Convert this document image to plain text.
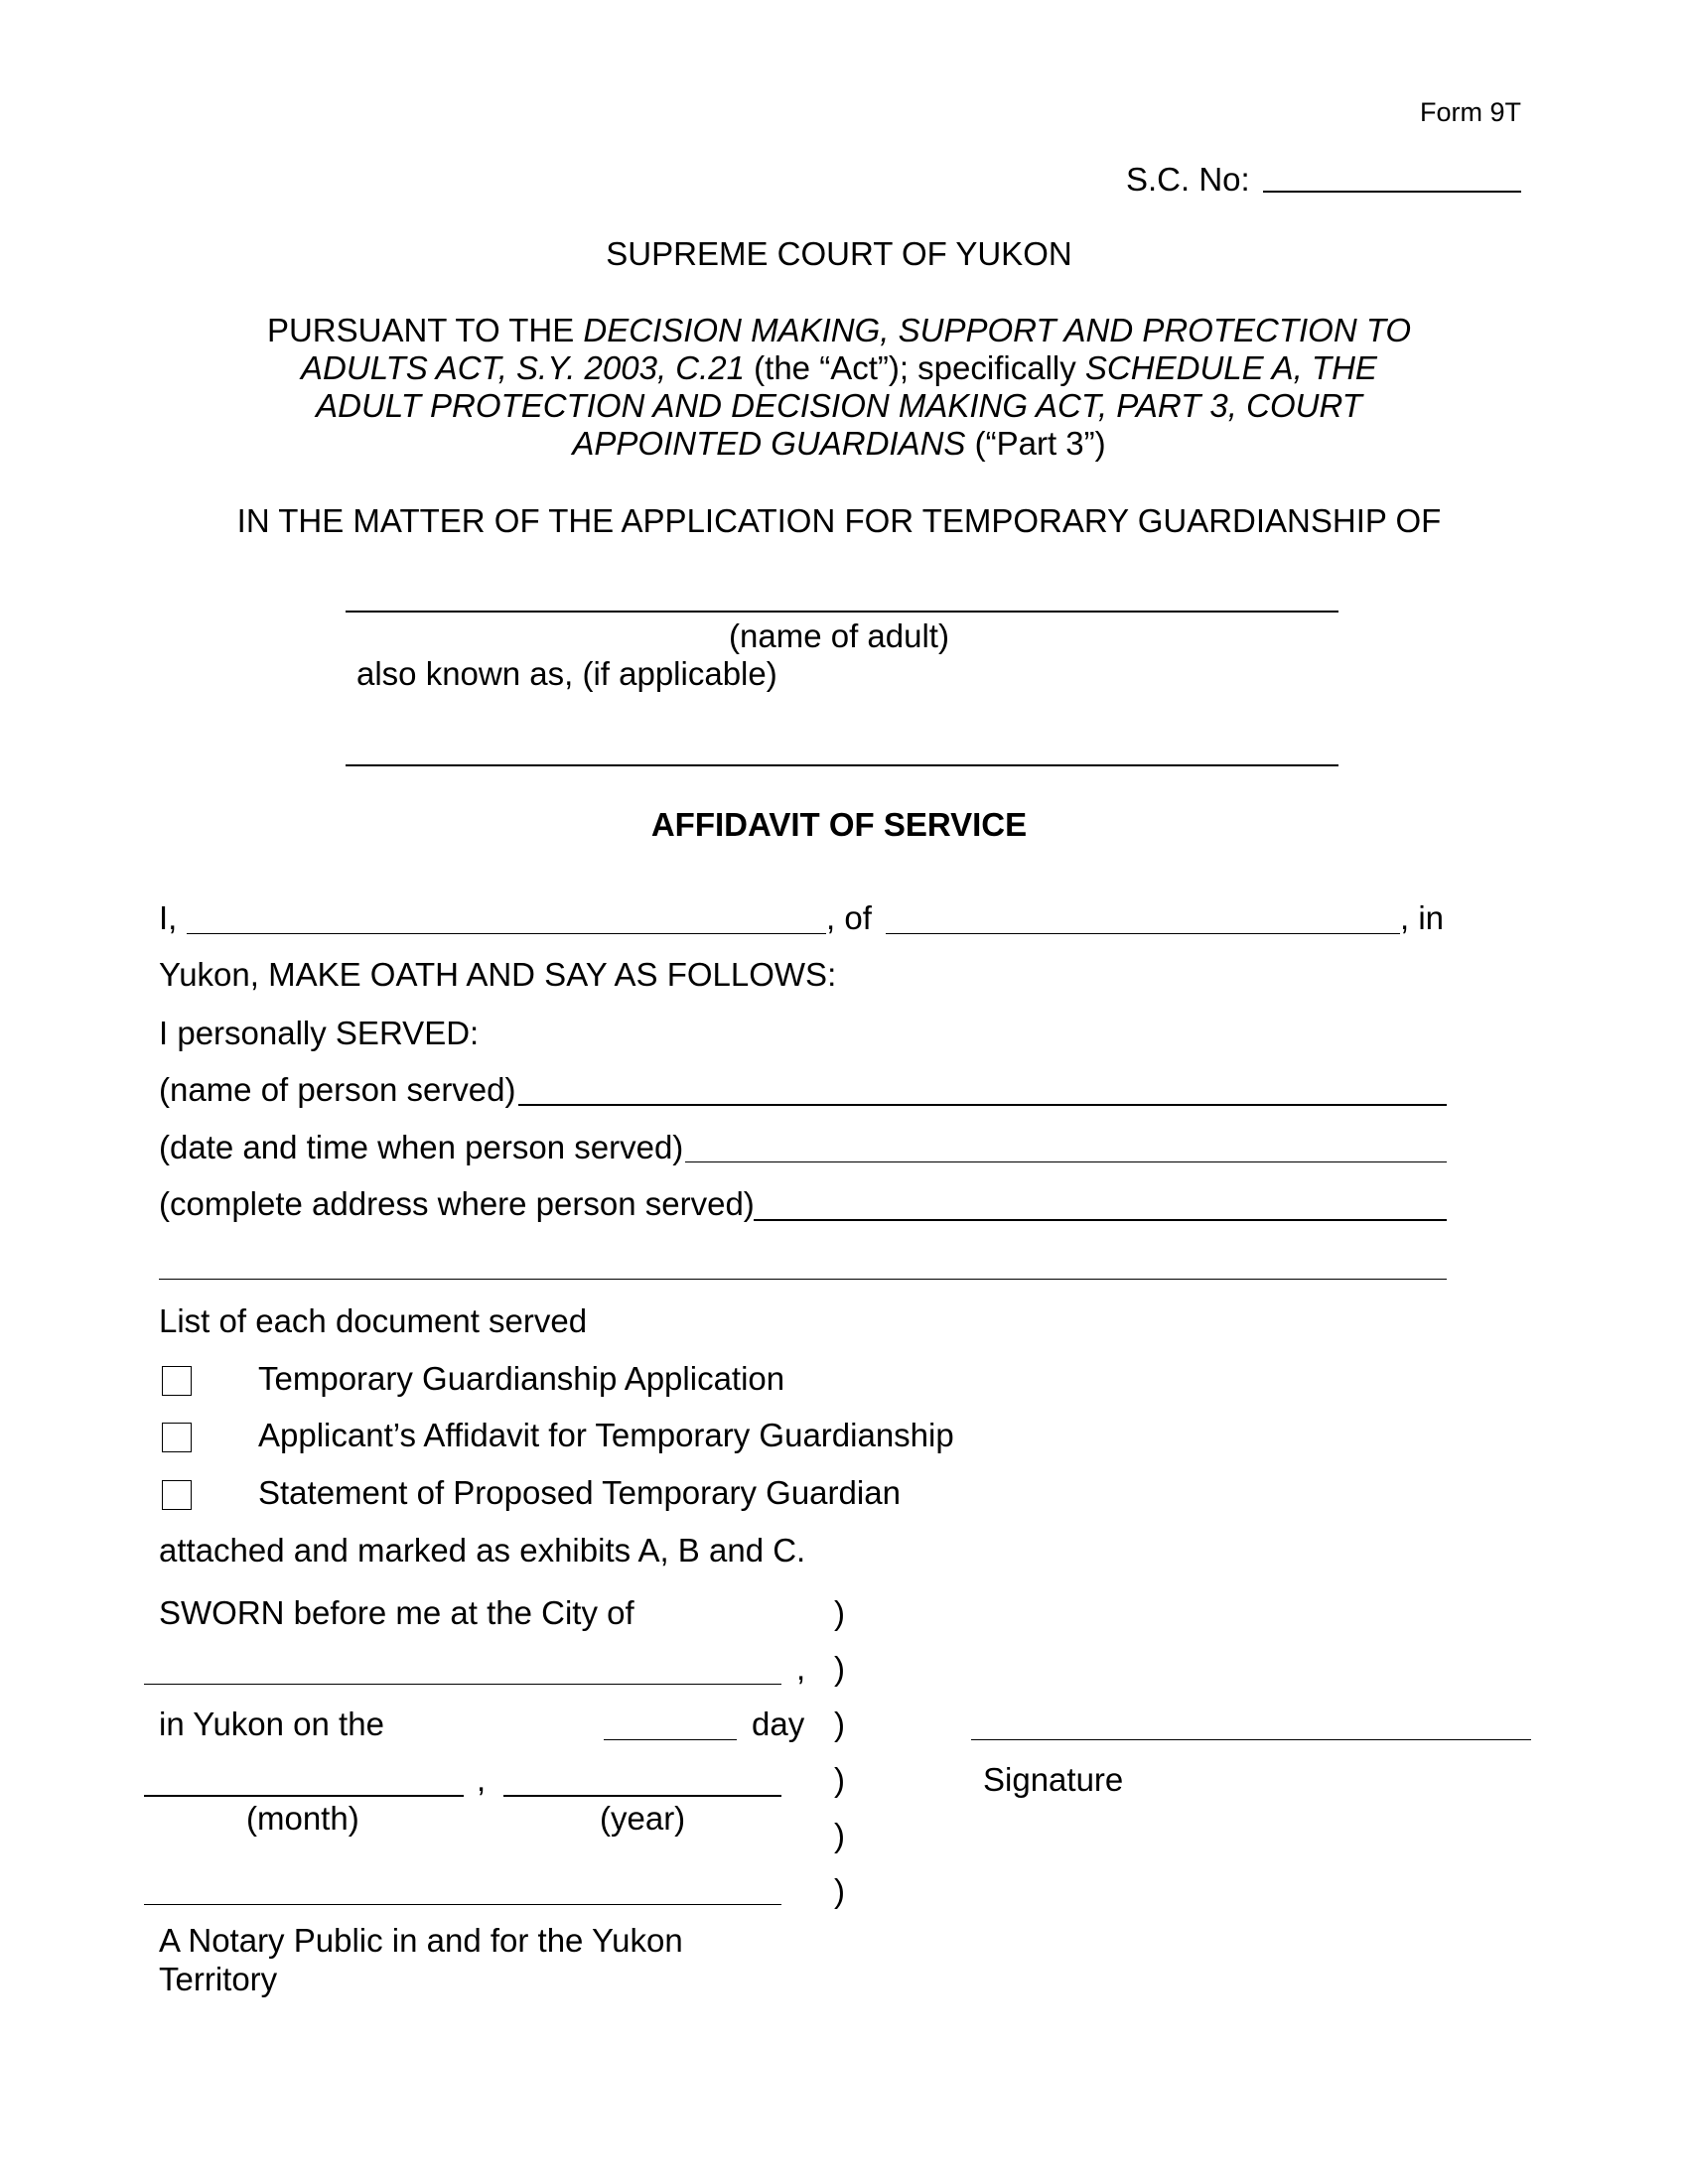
Form 9T
S.C. No:
SUPREME COURT OF YUKON
PURSUANT TO THE DECISION MAKING, SUPPORT AND PROTECTION TO
ADULTS ACT, S.Y. 2003, C.21 (the “Act”); specifically SCHEDULE A, THE
ADULT PROTECTION AND DECISION MAKING ACT, PART 3, COURT
APPOINTED GUARDIANS (“Part 3”)
IN THE MATTER OF THE APPLICATION FOR TEMPORARY GUARDIANSHIP OF
(name of adult)
also known as, (if applicable)
AFFIDAVIT OF SERVICE
I,	, of	, in
Yukon, MAKE OATH AND SAY AS FOLLOWS:
I personally SERVED:
(name of person served)
(date and time when person served)
(complete address where person served)
List of each document served
Temporary Guardianship Application
Applicant’s Affidavit for Temporary Guardianship
Statement of Proposed Temporary Guardian
attached and marked as exhibits A, B and C.
SWORN before me at the City of	)
, )
in Yukon on the	day )
,	)	Signature
(month)	(year)	)
)
A Notary Public in and for the Yukon
Territory
